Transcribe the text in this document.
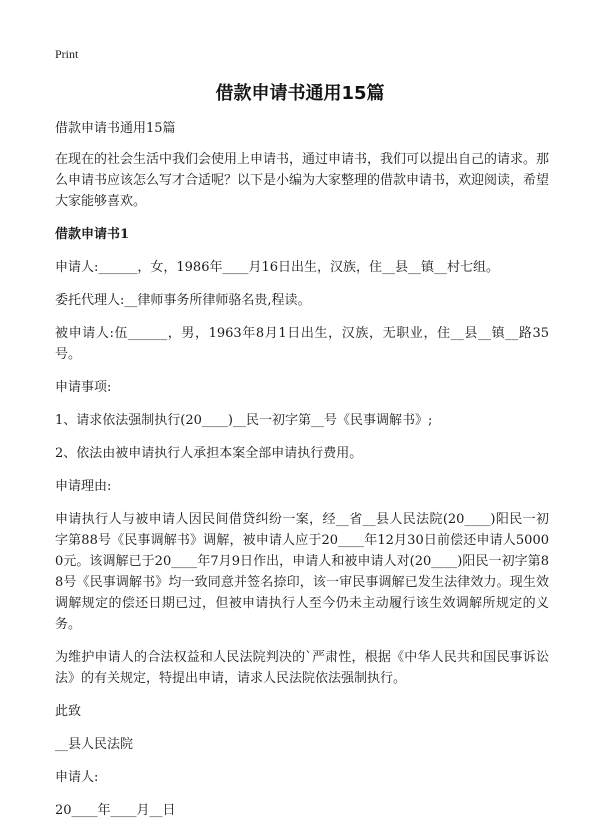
Print
借款申请书通用15篇

借款申请书通用15篇

在现在的社会生活中我们会使用上申请书，通过申请书，我们可以提出自己的请求。那么申请书应该怎么写才合适呢？以下是小编为大家整理的借款申请书，欢迎阅读，希望大家能够喜欢。

借款申请书1

申请人:______，女，1986年____月16日出生，汉族，住__县__镇__村七组。

委托代理人:__律师事务所律师骆名贵,程读。

被申请人:伍______，男，1963年8月1日出生，汉族，无职业，住__县__镇__路35号。

申请事项:

1、请求依法强制执行(20____)__民一初字第__号《民事调解书》;

2、依法由被申请执行人承担本案全部申请执行费用。

申请理由:

申请执行人与被申请人因民间借贷纠纷一案，经__省__县人民法院(20____)阳民一初字第88号《民事调解书》调解，被申请人应于20____年12月30日前偿还申请人50000元。该调解已于20____年7月9日作出，申请人和被申请人对(20____)阳民一初字第88号《民事调解书》均一致同意并签名捺印，该一审民事调解已发生法律效力。现生效调解规定的偿还日期已过，但被申请执行人至今仍未主动履行该生效调解所规定的义务。

为维护申请人的合法权益和人民法院判决的`严肃性，根据《中华人民共和国民事诉讼法》的有关规定，特提出申请，请求人民法院依法强制执行。

此致

__县人民法院

申请人:

20____年____月__日
